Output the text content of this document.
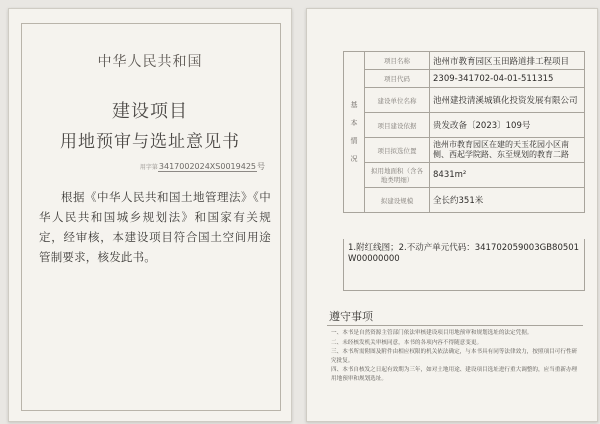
中华人民共和国
建设项目
用地预审与选址意见书
用字第3417002024XS0019425号
根据《中华人民共和国土地管理法》《中华人民共和国城乡规划法》和国家有关规定，经审核，本建设项目符合国土空间用途管制要求，核发此书。
基
本
情
况	项目名称	池州市教育园区玉田路道排工程项目
	项目代码	2309-341702-04-01-511315
	建设单位名称	池州建投清溪城镇化投资发展有限公司
	项目建设依据	贵发改备〔2023〕109号
	项目拟选位置	池州市教育园区在建的天玉花园小区南侧、西起学院路、东至规划的教育二路
	拟用地面积（含各地类明细）	8431m²
	拟建设规模	全长约351米
1.附红线图；2.不动产单元代码：341702059003GB80501W00000000
遵守事项
一、本书是自然资源主管部门依法审核建设项目用地预审和规划选址的法定凭据。
二、未经核发机关审核同意，本书的各项内容不得随意变更。
三、本书所需附图及附件由相应权限的机关依法确定，与本书具有同等法律效力，按照项目可行性研究批复。
四、本书自核发之日起有效期为三年，如对土地用途、建设项目选址进行重大调整的，应当重新办理用地预审和规划选址。
